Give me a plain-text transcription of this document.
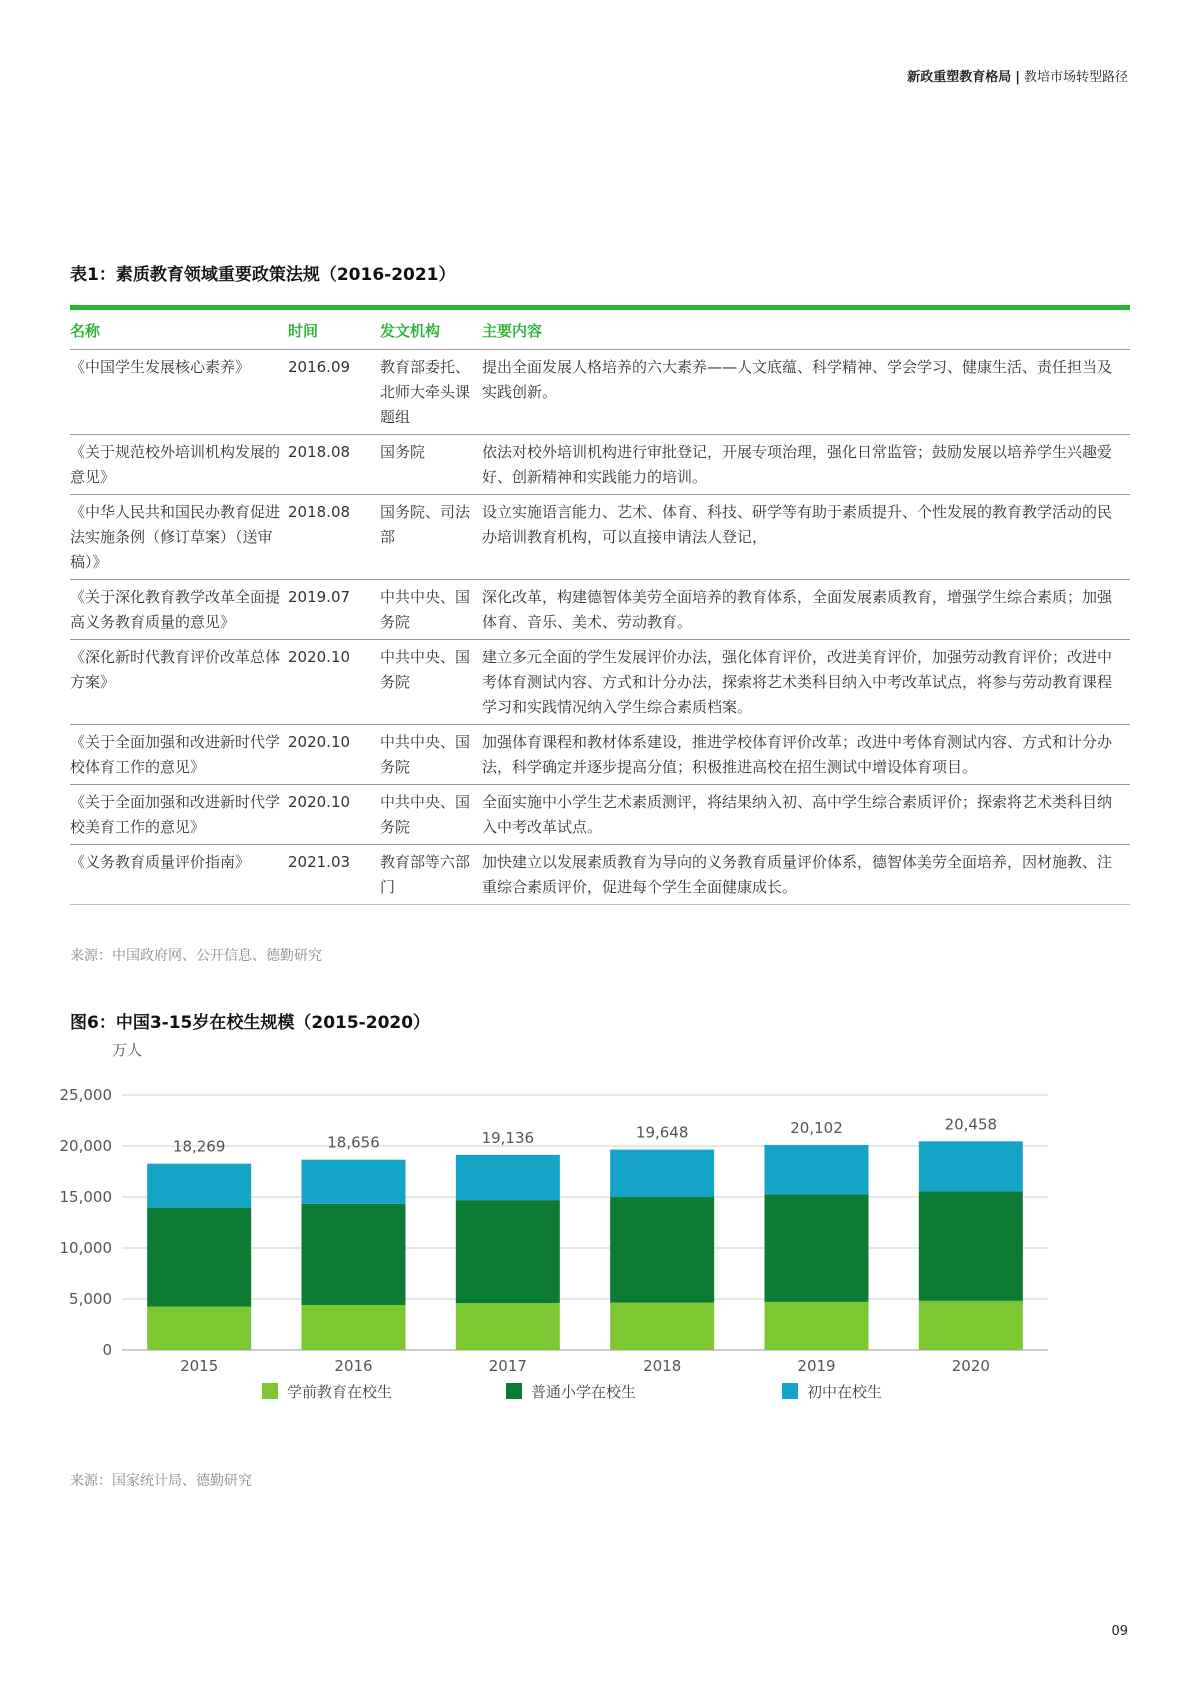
新政重塑教育格局 | 教培市场转型路径
表1：素质教育领域重要政策法规（2016-2021）
名称	时间	发文机构	主要内容
《中国学生发展核心素养》	2016.09	教育部委托、北师大牵头课题组	提出全面发展人格培养的六大素养——人文底蕴、科学精神、学会学习、健康生活、责任担当及实践创新。
《关于规范校外培训机构发展的意见》	2018.08	国务院	依法对校外培训机构进行审批登记，开展专项治理，强化日常监管；鼓励发展以培养学生兴趣爱好、创新精神和实践能力的培训。
《中华人民共和国民办教育促进法实施条例（修订草案）（送审稿）》	2018.08	国务院、司法部	设立实施语言能力、艺术、体育、科技、研学等有助于素质提升、个性发展的教育教学活动的民办培训教育机构，可以直接申请法人登记，
《关于深化教育教学改革全面提高义务教育质量的意见》	2019.07	中共中央、国务院	深化改革，构建德智体美劳全面培养的教育体系，全面发展素质教育，增强学生综合素质；加强体育、音乐、美术、劳动教育。
《深化新时代教育评价改革总体方案》	2020.10	中共中央、国务院	建立多元全面的学生发展评价办法，强化体育评价，改进美育评价，加强劳动教育评价；改进中考体育测试内容、方式和计分办法，探索将艺术类科目纳入中考改革试点，将参与劳动教育课程学习和实践情况纳入学生综合素质档案。
《关于全面加强和改进新时代学校体育工作的意见》	2020.10	中共中央、国务院	加强体育课程和教材体系建设，推进学校体育评价改革；改进中考体育测试内容、方式和计分办法，科学确定并逐步提高分值；积极推进高校在招生测试中增设体育项目。
《关于全面加强和改进新时代学校美育工作的意见》	2020.10	中共中央、国务院	全面实施中小学生艺术素质测评，将结果纳入初、高中学生综合素质评价；探索将艺术类科目纳入中考改革试点。
《义务教育质量评价指南》	2021.03	教育部等六部门	加快建立以发展素质教育为导向的义务教育质量评价体系，德智体美劳全面培养，因材施教、注重综合素质评价，促进每个学生全面健康成长。
来源：中国政府网、公开信息、德勤研究
图6：中国3-15岁在校生规模（2015-2020）
万人
0
5,000
10,000
15,000
20,000
25,000
18,269
2015
18,656
2016
19,136
2017
19,648
2018
20,102
2019
20,458
2020
学前教育在校生	普通小学在校生	初中在校生
来源：国家统计局、德勤研究
09
